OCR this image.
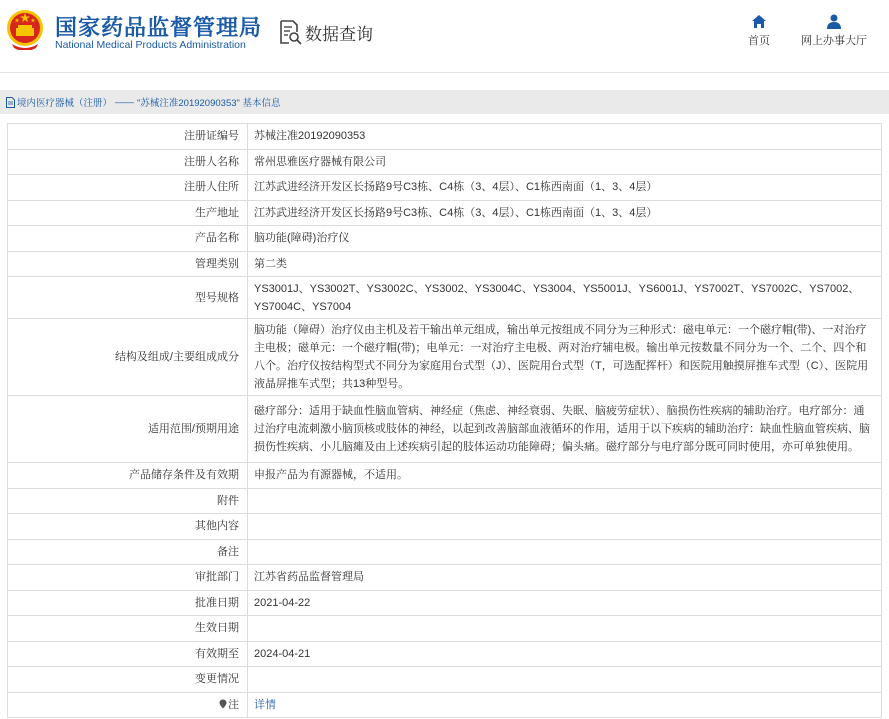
国家药品监督管理局
National Medical Products Administration
数据查询	首页	网上办事大厅
境内医疗器械（注册） —— "苏械注准20192090353" 基本信息
注册证编号	苏械注准20192090353
注册人名称	常州思雅医疗器械有限公司
注册人住所	江苏武进经济开发区长扬路9号C3栋、C4栋（3、4层）、C1栋西南面（1、3、4层）
生产地址	江苏武进经济开发区长扬路9号C3栋、C4栋（3、4层）、C1栋西南面（1、3、4层）
产品名称	脑功能(障碍)治疗仪
管理类别	第二类
型号规格	YS3001J、YS3002T、YS3002C、YS3002、YS3004C、YS3004、YS5001J、YS6001J、YS7002T、YS7002C、YS7002、YS7004C、YS7004
结构及组成/主要组成成分	脑功能（障碍）治疗仪由主机及若干输出单元组成，输出单元按组成不同分为三种形式：磁电单元：一个磁疗帽(带)、一对治疗主电极；磁单元：一个磁疗帽(带)；电单元：一对治疗主电极、两对治疗辅电极。输出单元按数量不同分为一个、二个、四个和八个。治疗仪按结构型式不同分为家庭用台式型（J）、医院用台式型（T，可选配挥杆）和医院用触摸屏推车式型（C）、医院用液晶屏推车式型；共13种型号。
适用范围/预期用途	磁疗部分：适用于缺血性脑血管病、神经症（焦虑、神经衰弱、失眠、脑疲劳症状）、脑损伤性疾病的辅助治疗。电疗部分：通过治疗电流刺激小脑顶核或肢体的神经，以起到改善脑部血液循环的作用，适用于以下疾病的辅助治疗：缺血性脑血管疾病、脑损伤性疾病、小儿脑瘫及由上述疾病引起的肢体运动功能障碍；偏头痛。磁疗部分与电疗部分既可同时使用，亦可单独使用。
产品储存条件及有效期	申报产品为有源器械，不适用。
附件	
其他内容	
备注	
审批部门	江苏省药品监督管理局
批准日期	2021-04-22
生效日期	
有效期至	2024-04-21
变更情况	
注	详情
